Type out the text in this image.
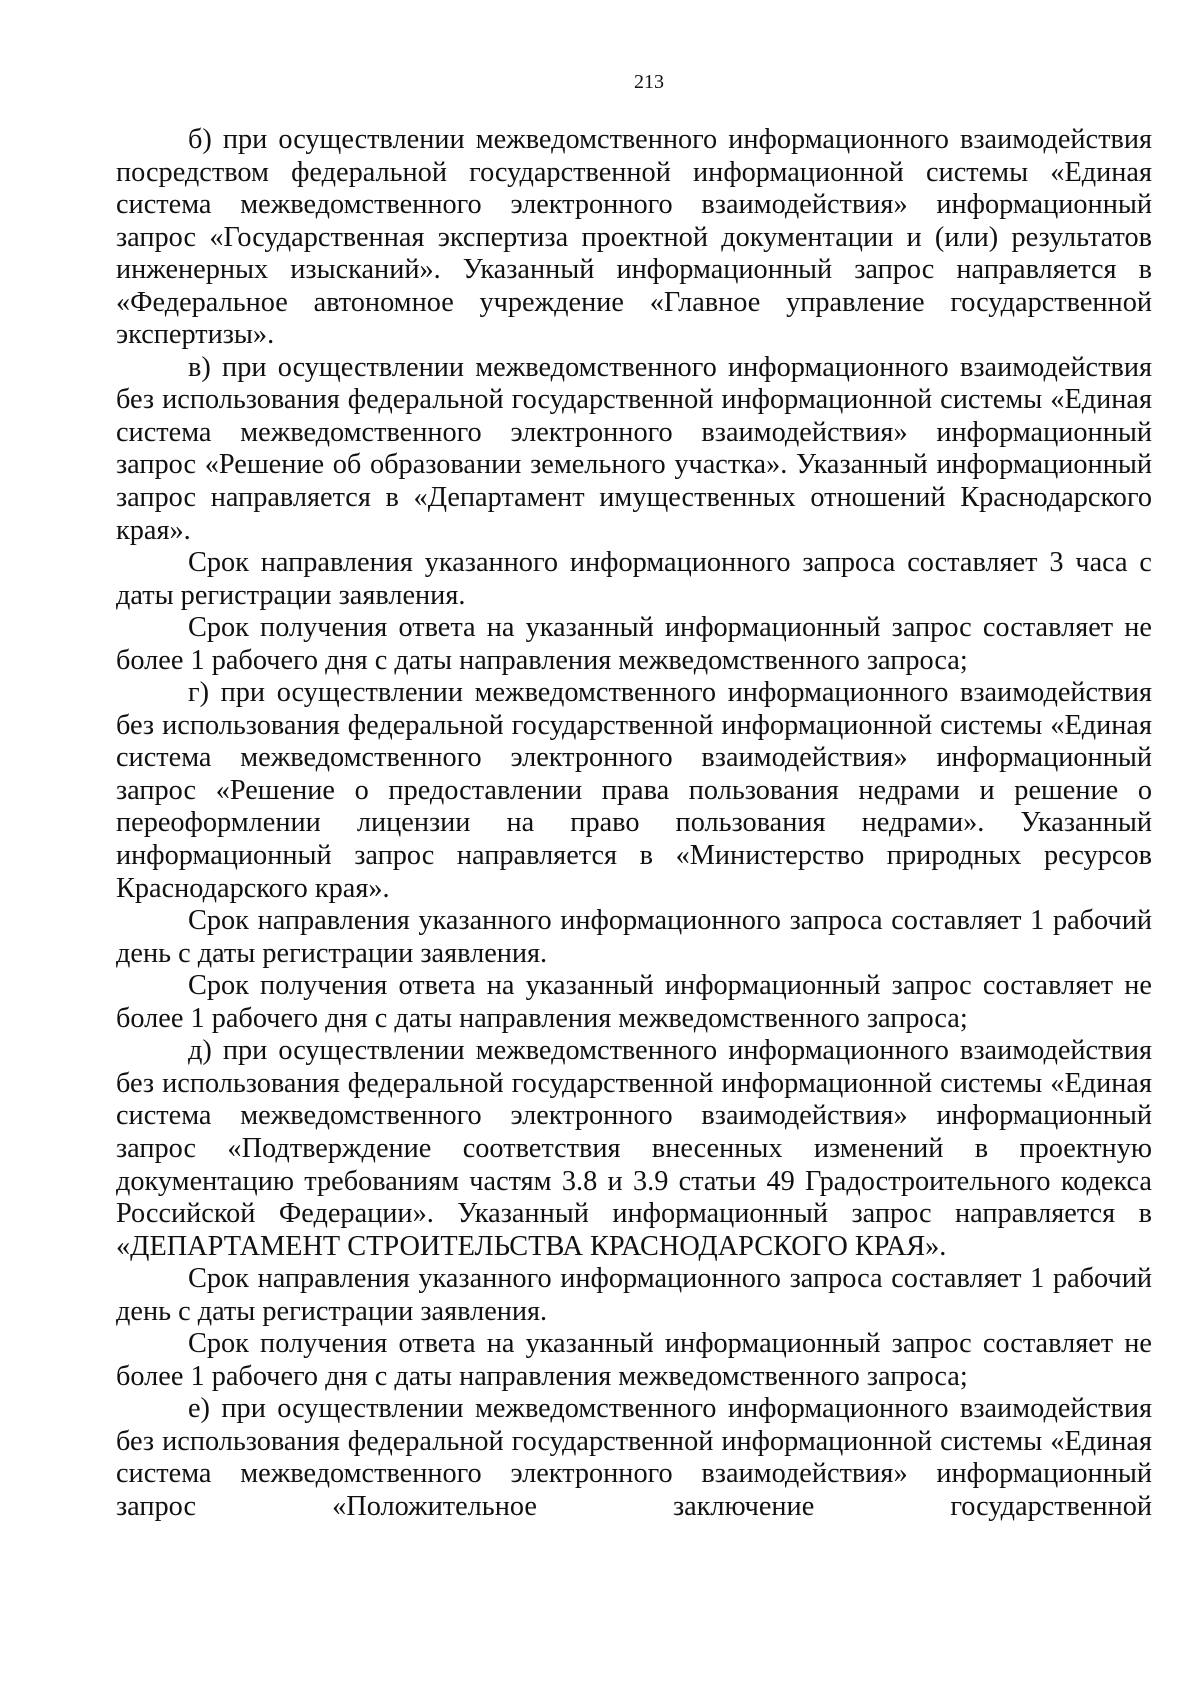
213

б) при осуществлении межведомственного информационного взаимодействия посредством федеральной государственной информационной системы «Единая система межведомственного электронного взаимодействия» информационный запрос «Государственная экспертиза проектной документации и (или) результатов инженерных изысканий». Указанный информационный запрос направляется в «Федеральное автономное учреждение «Главное управление государственной экспертизы».

в) при осуществлении межведомственного информационного взаимодействия без использования федеральной государственной информационной системы «Единая система межведомственного электронного взаимодействия» информационный запрос «Решение об образовании земельного участка». Указанный информационный запрос направляется в «Департамент имущественных отношений Краснодарского края».

Срок направления указанного информационного запроса составляет 3 часа с даты регистрации заявления.

Срок получения ответа на указанный информационный запрос составляет не более 1 рабочего дня с даты направления межведомственного запроса;

г) при осуществлении межведомственного информационного взаимодействия без использования федеральной государственной информационной системы «Единая система межведомственного электронного взаимодействия» информационный запрос «Решение о предоставлении права пользования недрами и решение о переоформлении лицензии на право пользования недрами». Указанный информационный запрос направляется в «Министерство природных ресурсов Краснодарского края».

Срок направления указанного информационного запроса составляет 1 рабочий день с даты регистрации заявления.

Срок получения ответа на указанный информационный запрос составляет не более 1 рабочего дня с даты направления межведомственного запроса;

д) при осуществлении межведомственного информационного взаимодействия без использования федеральной государственной информационной системы «Единая система межведомственного электронного взаимодействия» информационный запрос «Подтверждение соответствия внесенных изменений в проектную документацию требованиям частям 3.8 и 3.9 статьи 49 Градостроительного кодекса Российской Федерации». Указанный информационный запрос направляется в «ДЕПАРТАМЕНТ СТРОИТЕЛЬСТВА КРАСНОДАРСКОГО КРАЯ».

Срок направления указанного информационного запроса составляет 1 рабочий день с даты регистрации заявления.

Срок получения ответа на указанный информационный запрос составляет не более 1 рабочего дня с даты направления межведомственного запроса;

е) при осуществлении межведомственного информационного взаимодействия без использования федеральной государственной информационной системы «Единая система межведомственного электронного взаимодействия» информационный запрос «Положительное заключение государственной
